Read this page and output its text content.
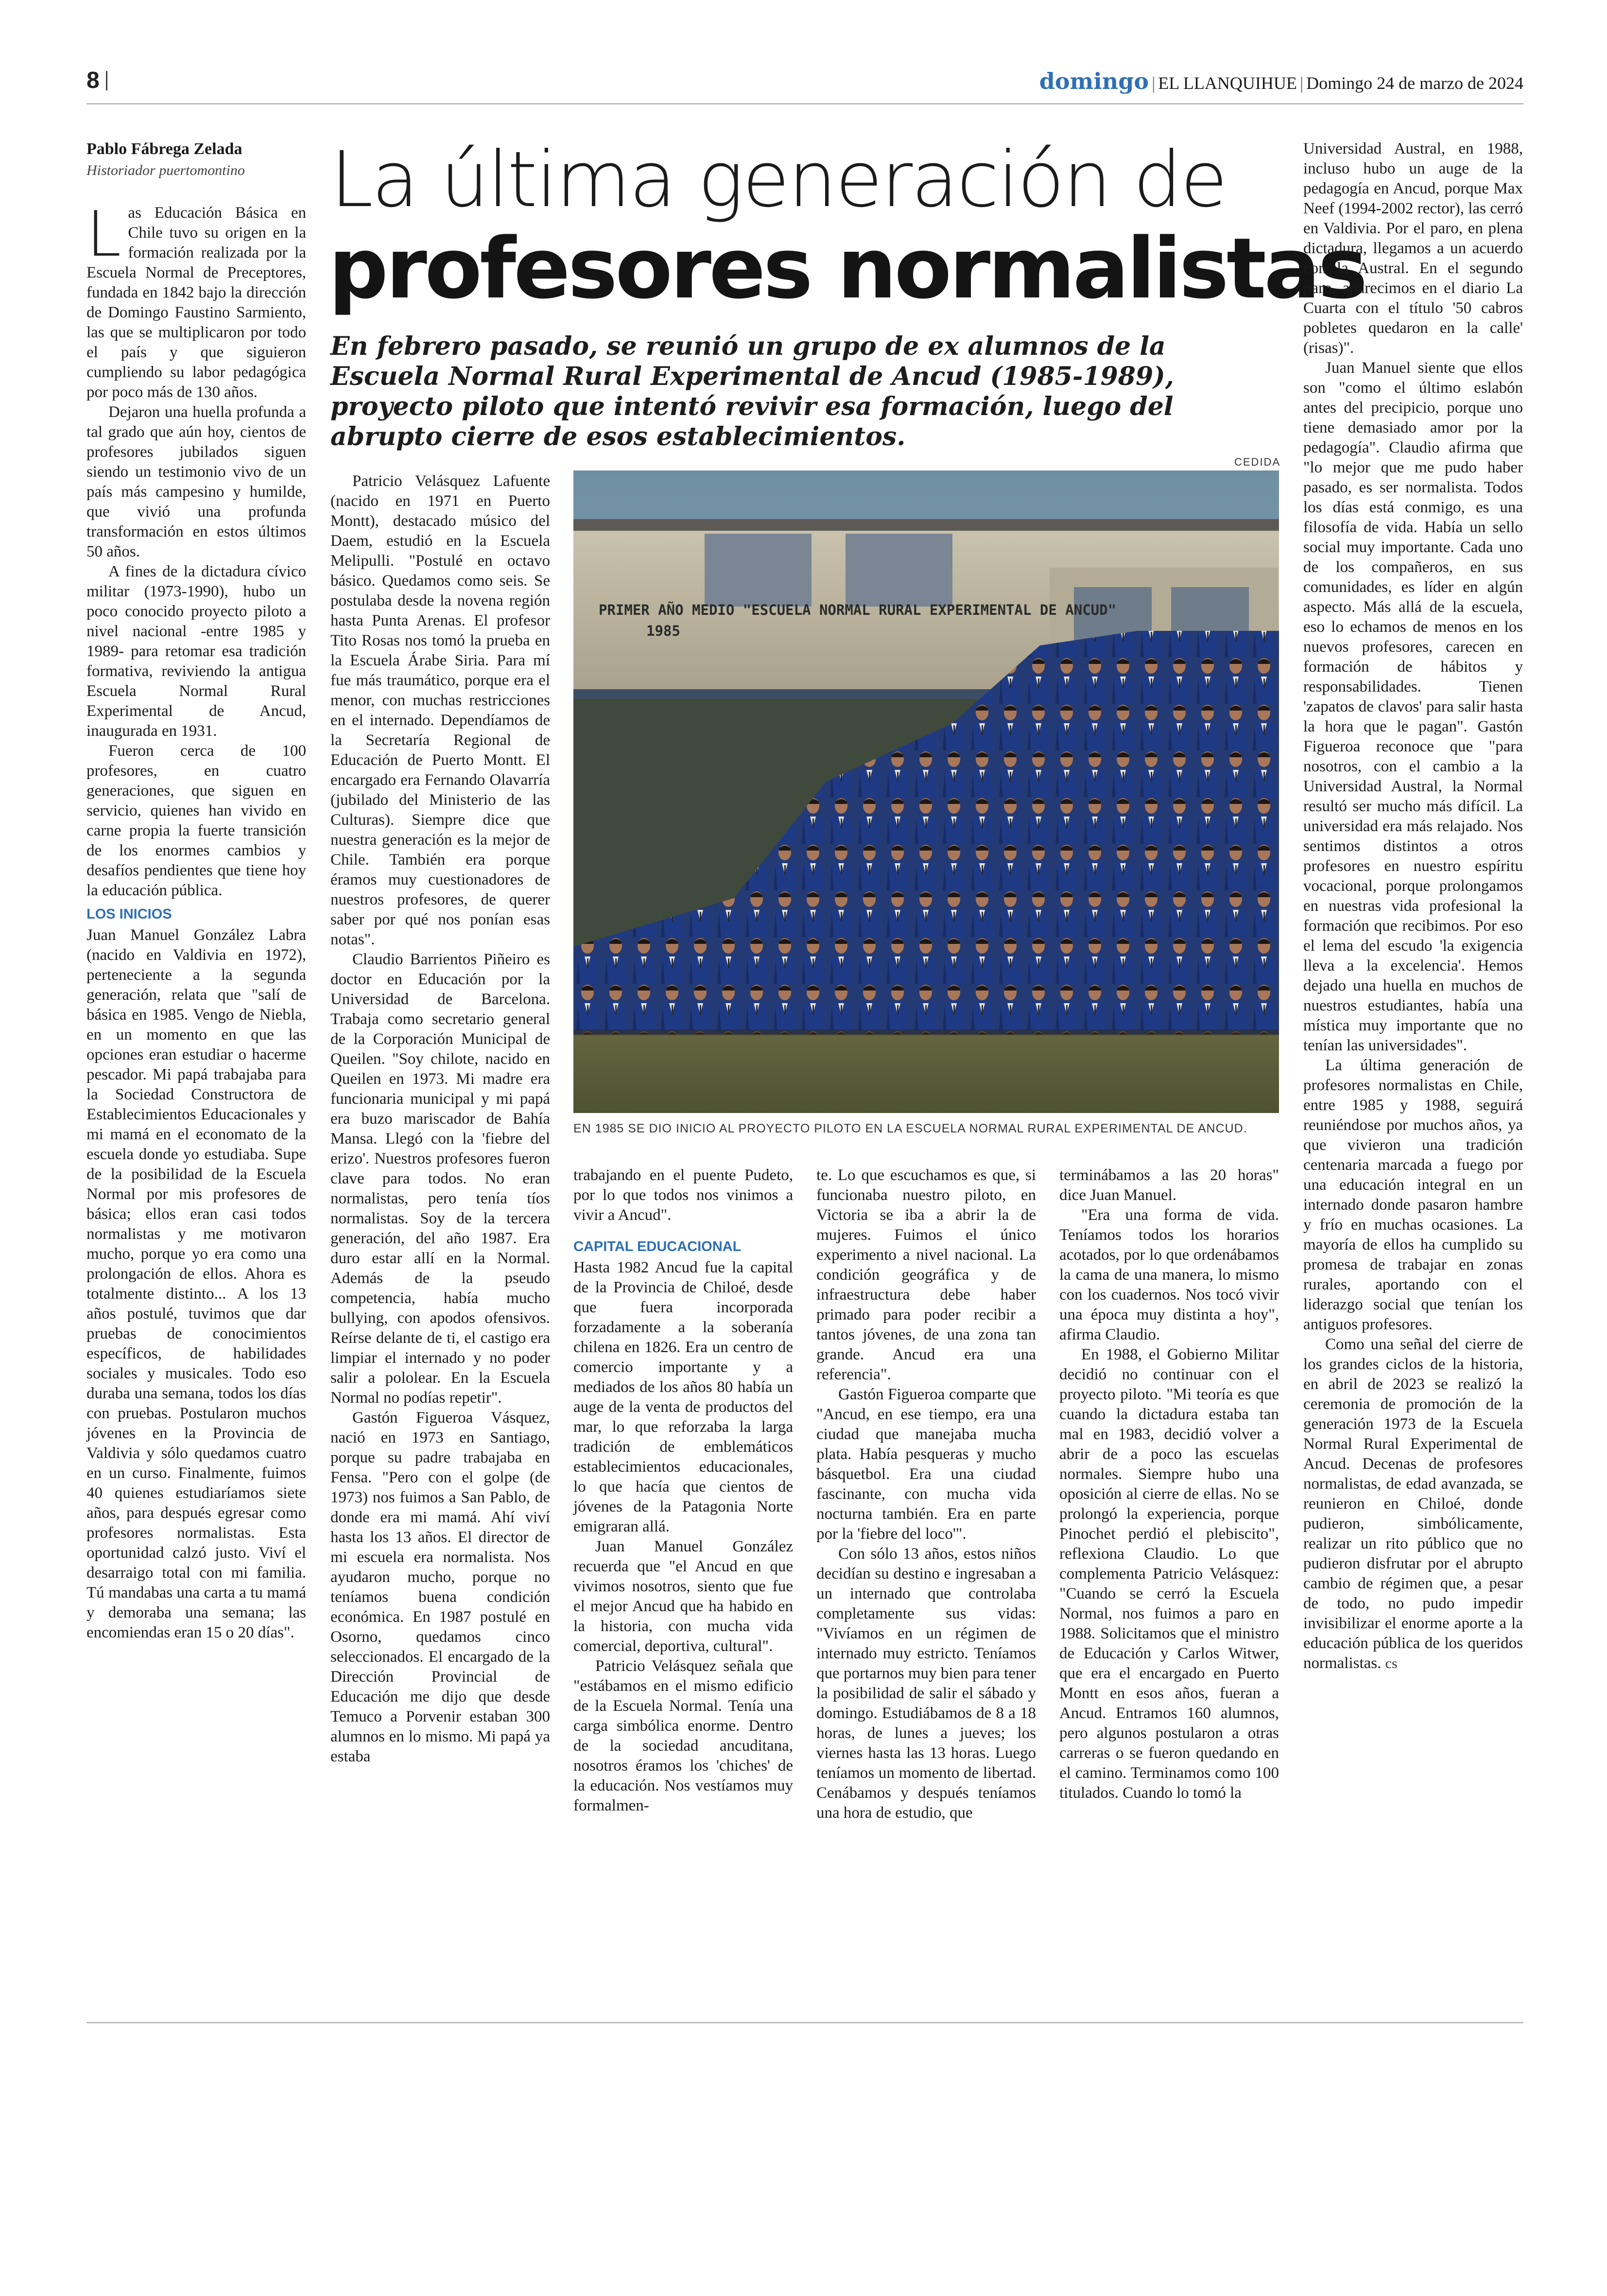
8	domingo | EL LLANQUIHUE | Domingo 24 de marzo de 2024
Pablo Fábrega Zelada
Historiador puertomontino La última generación de
profesores normalistas
En febrero pasado, se reunió un grupo de ex alumnos de la Escuela Normal Rural Experimental de Ancud (1985-1989), proyecto piloto que intentó revivir esa formación, luego del abrupto cierre de esos establecimientos.

Las Educación Básica en Chile tuvo su origen en la formación realizada por la Escuela Normal de Preceptores, fundada en 1842 bajo la dirección de Domingo Faustino Sarmiento, las que se multiplicaron por todo el país y que siguieron cumpliendo su labor pedagógica por poco más de 130 años.

Dejaron una huella profunda a tal grado que aún hoy, cientos de profesores jubilados siguen siendo un testimonio vivo de un país más campesino y humilde, que vivió una profunda transformación en estos últimos 50 años.

A fines de la dictadura cívico militar (1973-1990), hubo un poco conocido proyecto piloto a nivel nacional -entre 1985 y 1989- para retomar esa tradición formativa, reviviendo la antigua Escuela Normal Rural Experimental de Ancud, inaugurada en 1931.

Fueron cerca de 100 profesores, en cuatro generaciones, que siguen en servicio, quienes han vivido en carne propia la fuerte transición de los enormes cambios y desafíos pendientes que tiene hoy la educación pública.

LOS INICIOS

Juan Manuel González Labra (nacido en Valdivia en 1972), perteneciente a la segunda generación, relata que "salí de básica en 1985. Vengo de Niebla, en un momento en que las opciones eran estudiar o hacerme pescador. Mi papá trabajaba para la Sociedad Constructora de Establecimientos Educacionales y mi mamá en el economato de la escuela donde yo estudiaba. Supe de la posibilidad de la Escuela Normal por mis profesores de básica; ellos eran casi todos normalistas y me motivaron mucho, porque yo era como una prolongación de ellos. Ahora es totalmente distinto... A los 13 años postulé, tuvimos que dar pruebas de conocimientos específicos, de habilidades sociales y musicales. Todo eso duraba una semana, todos los días con pruebas. Postularon muchos jóvenes en la Provincia de Valdivia y sólo quedamos cuatro en un curso. Finalmente, fuimos 40 quienes estudiaríamos siete años, para después egresar como profesores normalistas. Esta oportunidad calzó justo. Viví el desarraigo total con mi familia. Tú mandabas una carta a tu mamá y demoraba una semana; las encomiendas eran 15 o 20 días".

Patricio Velásquez Lafuente (nacido en 1971 en Puerto Montt), destacado músico del Daem, estudió en la Escuela Melipulli. "Postulé en octavo básico. Quedamos como seis. Se postulaba desde la novena región hasta Punta Arenas. El profesor Tito Rosas nos tomó la prueba en la Escuela Árabe Siria. Para mí fue más traumático, porque era el menor, con muchas restricciones en el internado. Dependíamos de la Secretaría Regional de Educación de Puerto Montt. El encargado era Fernando Olavarría (jubilado del Ministerio de las Culturas). Siempre dice que nuestra generación es la mejor de Chile. También era porque éramos muy cuestionadores de nuestros profesores, de querer saber por qué nos ponían esas notas".

Claudio Barrientos Piñeiro es doctor en Educación por la Universidad de Barcelona. Trabaja como secretario general de la Corporación Municipal de Queilen. "Soy chilote, nacido en Queilen en 1973. Mi madre era funcionaria municipal y mi papá era buzo mariscador de Bahía Mansa. Llegó con la 'fiebre del erizo'. Nuestros profesores fueron clave para todos. No eran normalistas, pero tenía tíos normalistas. Soy de la tercera generación, del año 1987. Era duro estar allí en la Normal. Además de la pseudo competencia, había mucho bullying, con apodos ofensivos. Reírse delante de ti, el castigo era limpiar el internado y no poder salir a pololear. En la Escuela Normal no podías repetir".

Gastón Figueroa Vásquez, nació en 1973 en Santiago, porque su padre trabajaba en Fensa. "Pero con el golpe (de 1973) nos fuimos a San Pablo, de donde era mi mamá. Ahí viví hasta los 13 años. El director de mi escuela era normalista. Nos ayudaron mucho, porque no teníamos buena condición económica. En 1987 postulé en Osorno, quedamos cinco seleccionados. El encargado de la Dirección Provincial de Educación me dijo que desde Temuco a Porvenir estaban 300 alumnos en lo mismo. Mi papá ya estaba

CEDIDA
PRIMER AÑO MEDIO "ESCUELA NORMAL RURAL EXPERIMENTAL DE ANCUD"
1985
EN 1985 SE DIO INICIO AL PROYECTO PILOTO EN LA ESCUELA NORMAL RURAL EXPERIMENTAL DE ANCUD.

trabajando en el puente Pudeto, por lo que todos nos vinimos a vivir a Ancud".

CAPITAL EDUCACIONAL

Hasta 1982 Ancud fue la capital de la Provincia de Chiloé, desde que fuera incorporada forzadamente a la soberanía chilena en 1826. Era un centro de comercio importante y a mediados de los años 80 había un auge de la venta de productos del mar, lo que reforzaba la larga tradición de emblemáticos establecimientos educacionales, lo que hacía que cientos de jóvenes de la Patagonia Norte emigraran allá.

Juan Manuel González recuerda que "el Ancud en que vivimos nosotros, siento que fue el mejor Ancud que ha habido en la historia, con mucha vida comercial, deportiva, cultural".

Patricio Velásquez señala que "estábamos en el mismo edificio de la Escuela Normal. Tenía una carga simbólica enorme. Dentro de la sociedad ancuditana, nosotros éramos los 'chiches' de la educación. Nos vestíamos muy formalmen-

te. Lo que escuchamos es que, si funcionaba nuestro piloto, en Victoria se iba a abrir la de mujeres. Fuimos el único experimento a nivel nacional. La condición geográfica y de infraestructura debe haber primado para poder recibir a tantos jóvenes, de una zona tan grande. Ancud era una referencia".

Gastón Figueroa comparte que "Ancud, en ese tiempo, era una ciudad que manejaba mucha plata. Había pesqueras y mucho básquetbol. Era una ciudad fascinante, con mucha vida nocturna también. Era en parte por la 'fiebre del loco'".

Con sólo 13 años, estos niños decidían su destino e ingresaban a un internado que controlaba completamente sus vidas: "Vivíamos en un régimen de internado muy estricto. Teníamos que portarnos muy bien para tener la posibilidad de salir el sábado y domingo. Estudiábamos de 8 a 18 horas, de lunes a jueves; los viernes hasta las 13 horas. Luego teníamos un momento de libertad. Cenábamos y después teníamos una hora de estudio, que

terminábamos a las 20 horas" dice Juan Manuel.

"Era una forma de vida. Teníamos todos los horarios acotados, por lo que ordenábamos la cama de una manera, lo mismo con los cuadernos. Nos tocó vivir una época muy distinta a hoy", afirma Claudio.

En 1988, el Gobierno Militar decidió no continuar con el proyecto piloto. "Mi teoría es que cuando la dictadura estaba tan mal en 1983, decidió volver a abrir de a poco las escuelas normales. Siempre hubo una oposición al cierre de ellas. No se prolongó la experiencia, porque Pinochet perdió el plebiscito", reflexiona Claudio. Lo que complementa Patricio Velásquez: "Cuando se cerró la Escuela Normal, nos fuimos a paro en 1988. Solicitamos que el ministro de Educación y Carlos Witwer, que era el encargado en Puerto Montt en esos años, fueran a Ancud. Entramos 160 alumnos, pero algunos postularon a otras carreras o se fueron quedando en el camino. Terminamos como 100 titulados. Cuando lo tomó la

Universidad Austral, en 1988, incluso hubo un auge de la pedagogía en Ancud, porque Max Neef (1994-2002 rector), las cerró en Valdivia. Por el paro, en plena dictadura, llegamos a un acuerdo con la Austral. En el segundo paro, aparecimos en el diario La Cuarta con el título '50 cabros pobletes quedaron en la calle' (risas)".

Juan Manuel siente que ellos son "como el último eslabón antes del precipicio, porque uno tiene demasiado amor por la pedagogía". Claudio afirma que "lo mejor que me pudo haber pasado, es ser normalista. Todos los días está conmigo, es una filosofía de vida. Había un sello social muy importante. Cada uno de los compañeros, en sus comunidades, es líder en algún aspecto. Más allá de la escuela, eso lo echamos de menos en los nuevos profesores, carecen en formación de hábitos y responsabilidades. Tienen 'zapatos de clavos' para salir hasta la hora que le pagan". Gastón Figueroa reconoce que "para nosotros, con el cambio a la Universidad Austral, la Normal resultó ser mucho más difícil. La universidad era más relajado. Nos sentimos distintos a otros profesores en nuestro espíritu vocacional, porque prolongamos en nuestras vida profesional la formación que recibimos. Por eso el lema del escudo 'la exigencia lleva a la excelencia'. Hemos dejado una huella en muchos de nuestros estudiantes, había una mística muy importante que no tenían las universidades".

La última generación de profesores normalistas en Chile, entre 1985 y 1988, seguirá reuniéndose por muchos años, ya que vivieron una tradición centenaria marcada a fuego por una educación integral en un internado donde pasaron hambre y frío en muchas ocasiones. La mayoría de ellos ha cumplido su promesa de trabajar en zonas rurales, aportando con el liderazgo social que tenían los antiguos profesores.

Como una señal del cierre de los grandes ciclos de la historia, en abril de 2023 se realizó la ceremonia de promoción de la generación 1973 de la Escuela Normal Rural Experimental de Ancud. Decenas de profesores normalistas, de edad avanzada, se reunieron en Chiloé, donde pudieron, simbólicamente, realizar un rito público que no pudieron disfrutar por el abrupto cambio de régimen que, a pesar de todo, no pudo impedir invisibilizar el enorme aporte a la educación pública de los queridos normalistas. cs
